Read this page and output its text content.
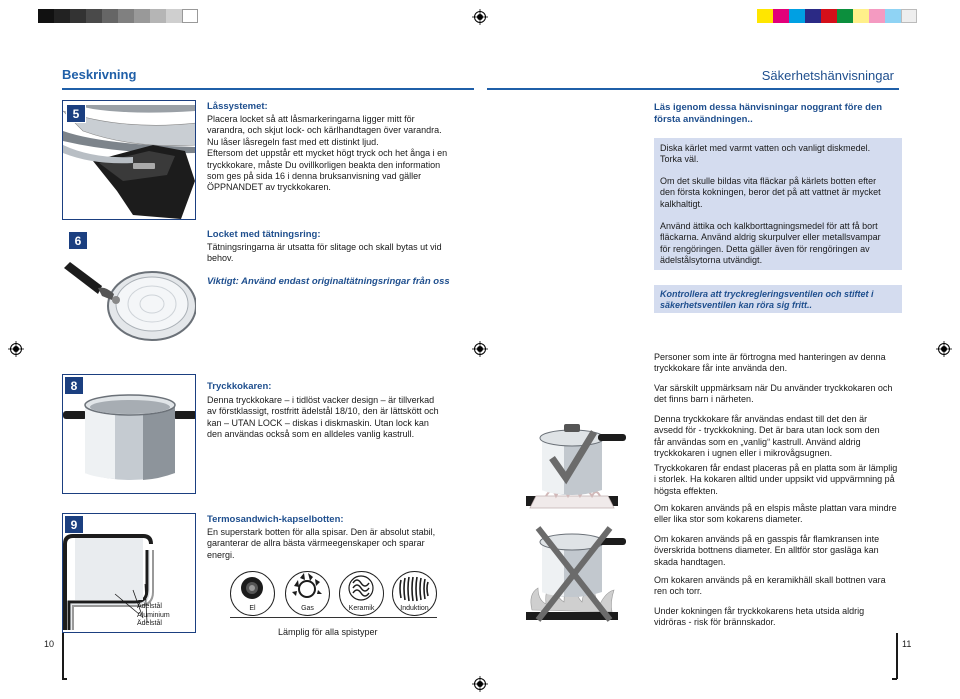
Beskrivning	Säkerhetshänvisningar
5
Låssystemet:
Placera locket så att låsmarkeringarna ligger mitt för
varandra, och skjut lock- och kärlhandtagen över varandra.
Nu låser låsregeln fast med ett distinkt ljud.
Eftersom det uppstår ett mycket högt tryck och het ånga i en
tryckkokare, måste Du ovillkorligen beakta den information
som ges på sida 16 i denna bruksanvisning vad gäller
ÖPPNANDET av tryckkokaren.
6	Locket med tätningsring:
Tätningsringarna är utsatta för slitage och skall bytas ut vid
behov.
Viktigt: Använd endast originaltätningsringar från oss
8	Tryckkokaren:
Denna tryckkokare – i tidlöst vacker design – är tillverkad
av förstklassigt, rostfritt ädelstål 18/10, den är lättskött och
kan – UTAN LOCK – diskas i diskmaskin. Utan lock kan
den användas också som en alldeles vanlig kastrull.
9
Ädelstål
Aluminium
Ädelstål
Termosandwich-kapselbotten:
En superstark botten för alla spisar. Den är absolut stabil,
garanterar de allra bästa värmeegenskaper och sparar
energi.
El	Gas	Keramik	Induktion
Lämplig för alla spistyper
10	11
Läs igenom dessa hänvisningar noggrant före den
första användningen..
Diska kärlet med varmt vatten och vanligt diskmedel.
Torka väl.
Om det skulle bildas vita fläckar på kärlets botten efter
den första kokningen, beror det på att vattnet är mycket
kalkhaltigt.
Använd ättika och kalkborttagningsmedel för att få bort
fläckarna. Använd aldrig skurpulver eller metallsvampar
för rengöringen. Detta gäller även för rengöringen av
ädelstålsytorna utvändigt.
Kontrollera att tryckregleringsventilen och stiftet i
säkerhetsventilen kan röra sig fritt..
Personer som inte är förtrogna med hanteringen av denna
tryckkokare får inte använda den.
Var särskilt uppmärksam när Du använder tryckkokaren och
det finns barn i närheten.
Denna tryckkokare får användas endast till det den är
avsedd för - tryckkokning. Det är bara utan lock som den
får användas som en „vanlig“ kastrull. Använd aldrig
tryckkokaren i ugnen eller i mikrovågsugnen.
Tryckkokaren får endast placeras på en platta som är lämplig
i storlek. Ha kokaren alltid under uppsikt vid uppvärmning på
högsta effekten.
Om kokaren används på en elspis måste plattan vara mindre
eller lika stor som kokarens diameter.
Om kokaren används på en gasspis får flamkransen inte
överskrida bottnens diameter. En alltför stor gasläga kan
skada handtagen.
Om kokaren används på en keramikhäll skall bottnen vara
ren och torr.
Under kokningen får tryckkokarens heta utsida aldrig
vidröras - risk för brännskador.
